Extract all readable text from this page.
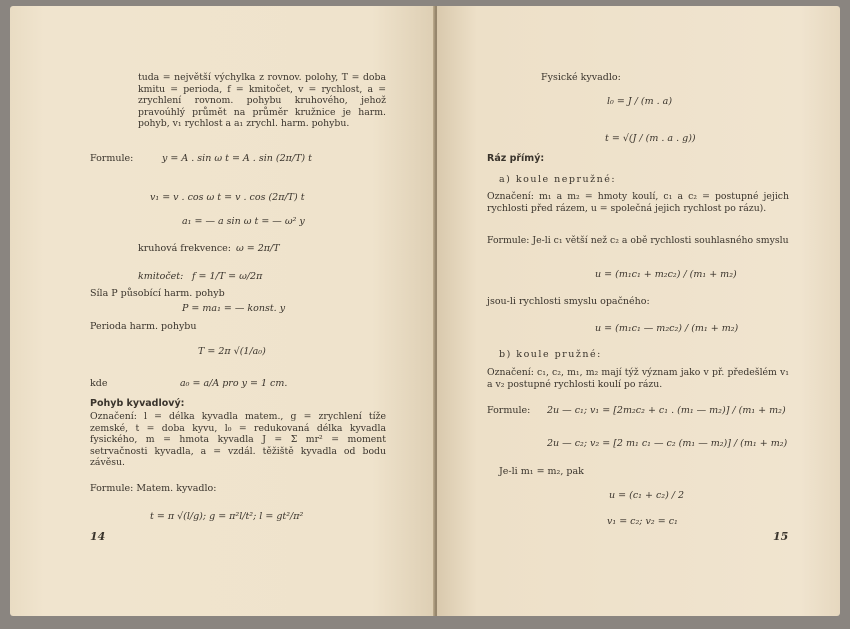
tuda = největší výchylka z rovnov. polohy, T = doba kmitu = perioda, f = kmitočet, v = rychlost, a = zrychlení rovnom. pohybu kruhového, jehož pravoúhlý průmět na průměr kružnice je harm. pohyb, v₁ rychlost a a₁ zrychl. harm. pohybu.
Formule:	y = A . sin ω t = A . sin (2π/T) t
v₁ = v . cos ω t = v . cos (2π/T) t
a₁ = — a sin ω t = — ω² y
kruhová frekvence: ω = 2π/T
kmitočet: f = 1/T = ω/2π
Síla P působící harm. pohyb
P = ma₁ = — konst. y
Perioda harm. pohybu
T = 2π √(1/a₀)
kde	a₀ = a/A pro y = 1 cm.
Pohyb kyvadlový:
Označení: l = délka kyvadla matem., g = zrychlení tíže zemské, t = doba kyvu, l₀ = redukovaná délka kyvadla fysického, m = hmota kyvadla J = Σ mr² = moment setrvačnosti kyvadla, a = vzdál. těžiště kyvadla od bodu závěsu.
Formule: Matem. kyvadlo:
t = π √(l/g); g = π²l/t²; l = gt²/π²
14
Fysické kyvadlo:
l₀ = J / (m . a)
t = √(J / (m . a . g))
Ráz přímý:
a) koule nepružné:
Označení: m₁ a m₂ = hmoty koulí, c₁ a c₂ = postupné jejich rychlosti před rázem, u = společná jejich rychlost po rázu).
Formule: Je-li c₁ větší než c₂ a obě rychlosti souhlasného smyslu
u = (m₁c₁ + m₂c₂) / (m₁ + m₂)
jsou-li rychlosti smyslu opačného:
u = (m₁c₁ — m₂c₂) / (m₁ + m₂)
b) koule pružné:
Označení: c₁, c₂, m₁, m₂ mají týž význam jako v př. předešlém v₁ a v₂ postupné rychlosti koulí po rázu.
Formule: 2u — c₁; v₁ = [2m₂c₂ + c₁ . (m₁ — m₂)] / (m₁ + m₂)
2u — c₂; v₂ = [2 m₁ c₁ — c₂ (m₁ — m₂)] / (m₁ + m₂)
Je-li m₁ = m₂, pak
u = (c₁ + c₂) / 2
v₁ = c₂; v₂ = c₁
15
